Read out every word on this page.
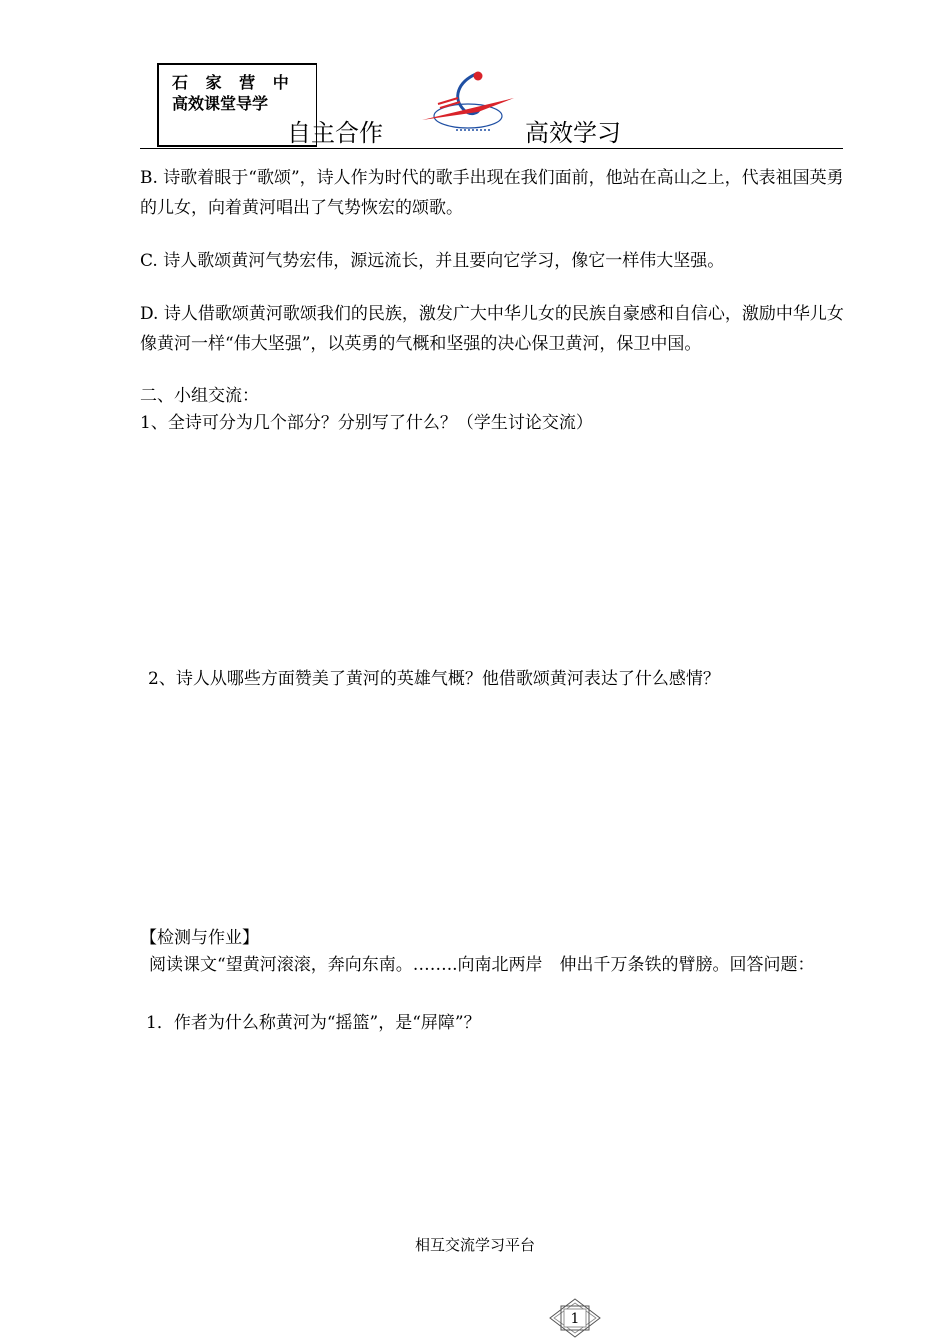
石 家 营 中
高效课堂导学
自主合作	高效学习

B. 诗歌着眼于“歌颂”，诗人作为时代的歌手出现在我们面前，他站在高山之上，代表祖国英勇的儿女，向着黄河唱出了气势恢宏的颂歌。

C. 诗人歌颂黄河气势宏伟，源远流长，并且要向它学习，像它一样伟大坚强。

D. 诗人借歌颂黄河歌颂我们的民族，激发广大中华儿女的民族自豪感和自信心，激励中华儿女像黄河一样“伟大坚强”，以英勇的气概和坚强的决心保卫黄河，保卫中国。

二、小组交流：

1、全诗可分为几个部分？分别写了什么？（学生讨论交流）

2、诗人从哪些方面赞美了黄河的英雄气概？他借歌颂黄河表达了什么感情？

【检测与作业】

阅读课文“望黄河滚滚，奔向东南。……..向南北两岸　伸出千万条铁的臂膀。回答问题：

1．作者为什么称黄河为“摇篮”，是“屏障”？

相互交流学习平台
1
